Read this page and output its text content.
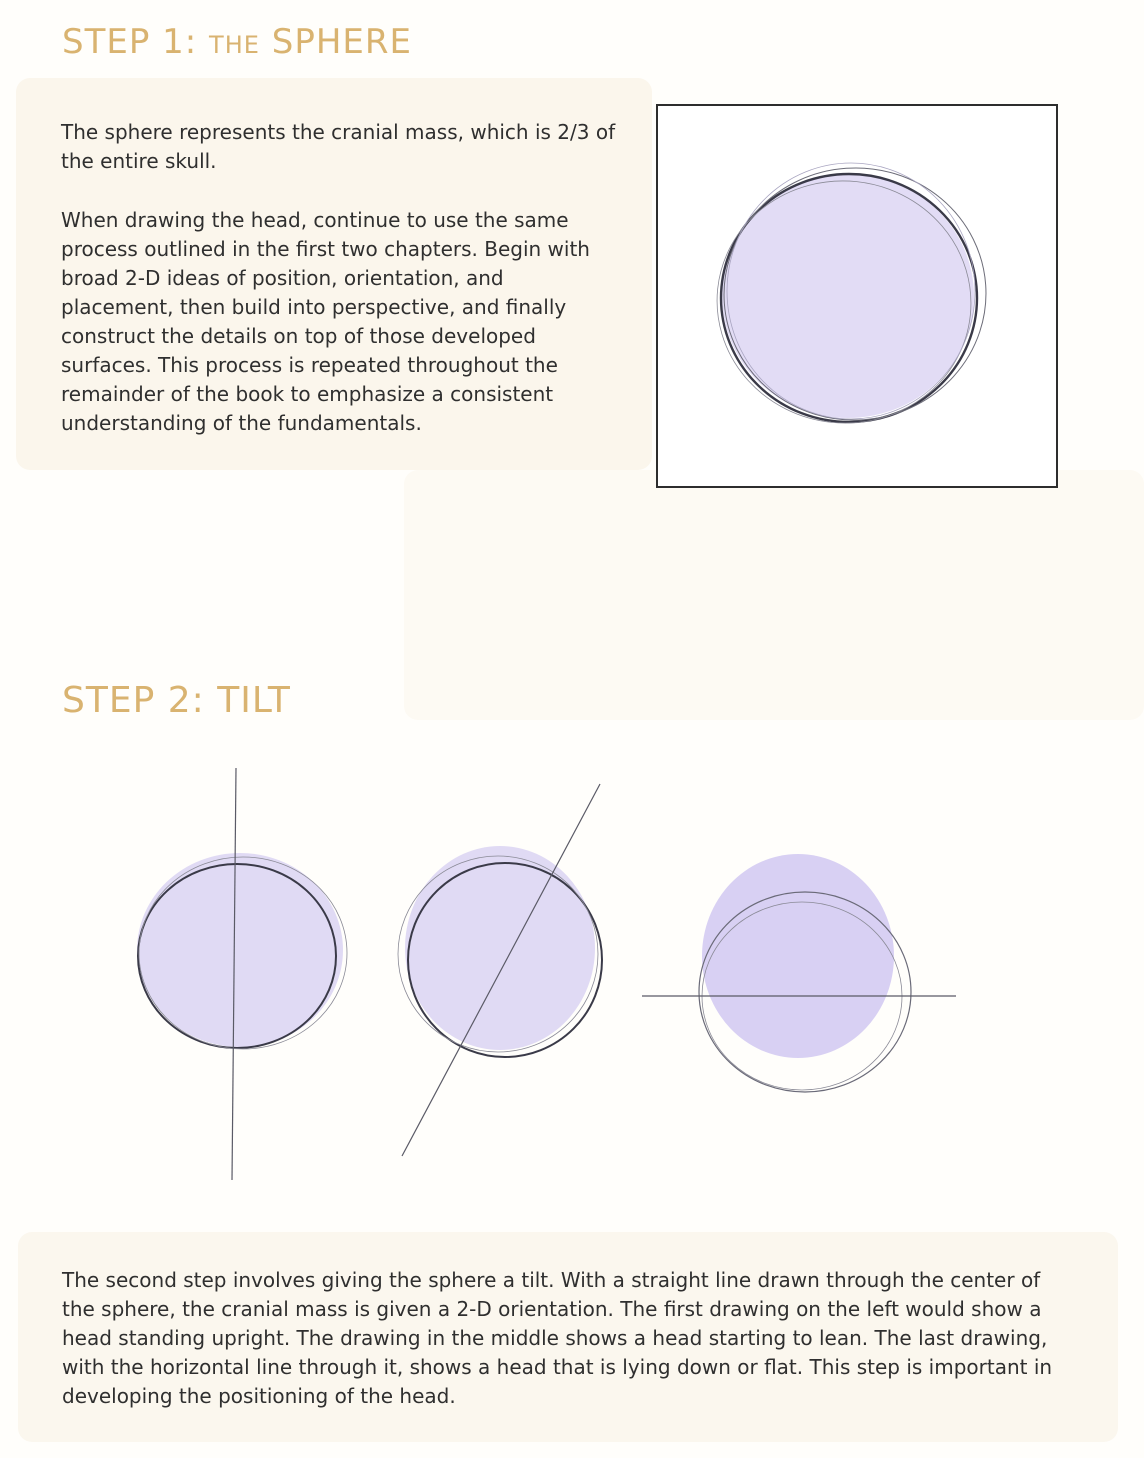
STEP 1: THE SPHERE

The sphere represents the cranial mass, which is 2/3 of the entire skull.

When drawing the head, continue to use the same process outlined in the first two chapters. Begin with broad 2-D ideas of position, orientation, and placement, then build into perspective, and finally construct the details on top of those developed surfaces. This process is repeated throughout the remainder of the book to emphasize a consistent understanding of the fundamentals.

STEP 2: TILT

The second step involves giving the sphere a tilt. With a straight line drawn through the center of the sphere, the cranial mass is given a 2-D orientation. The first drawing on the left would show a head standing upright. The drawing in the middle shows a head starting to lean. The last drawing, with the horizontal line through it, shows a head that is lying down or flat. This step is important in developing the positioning of the head.
